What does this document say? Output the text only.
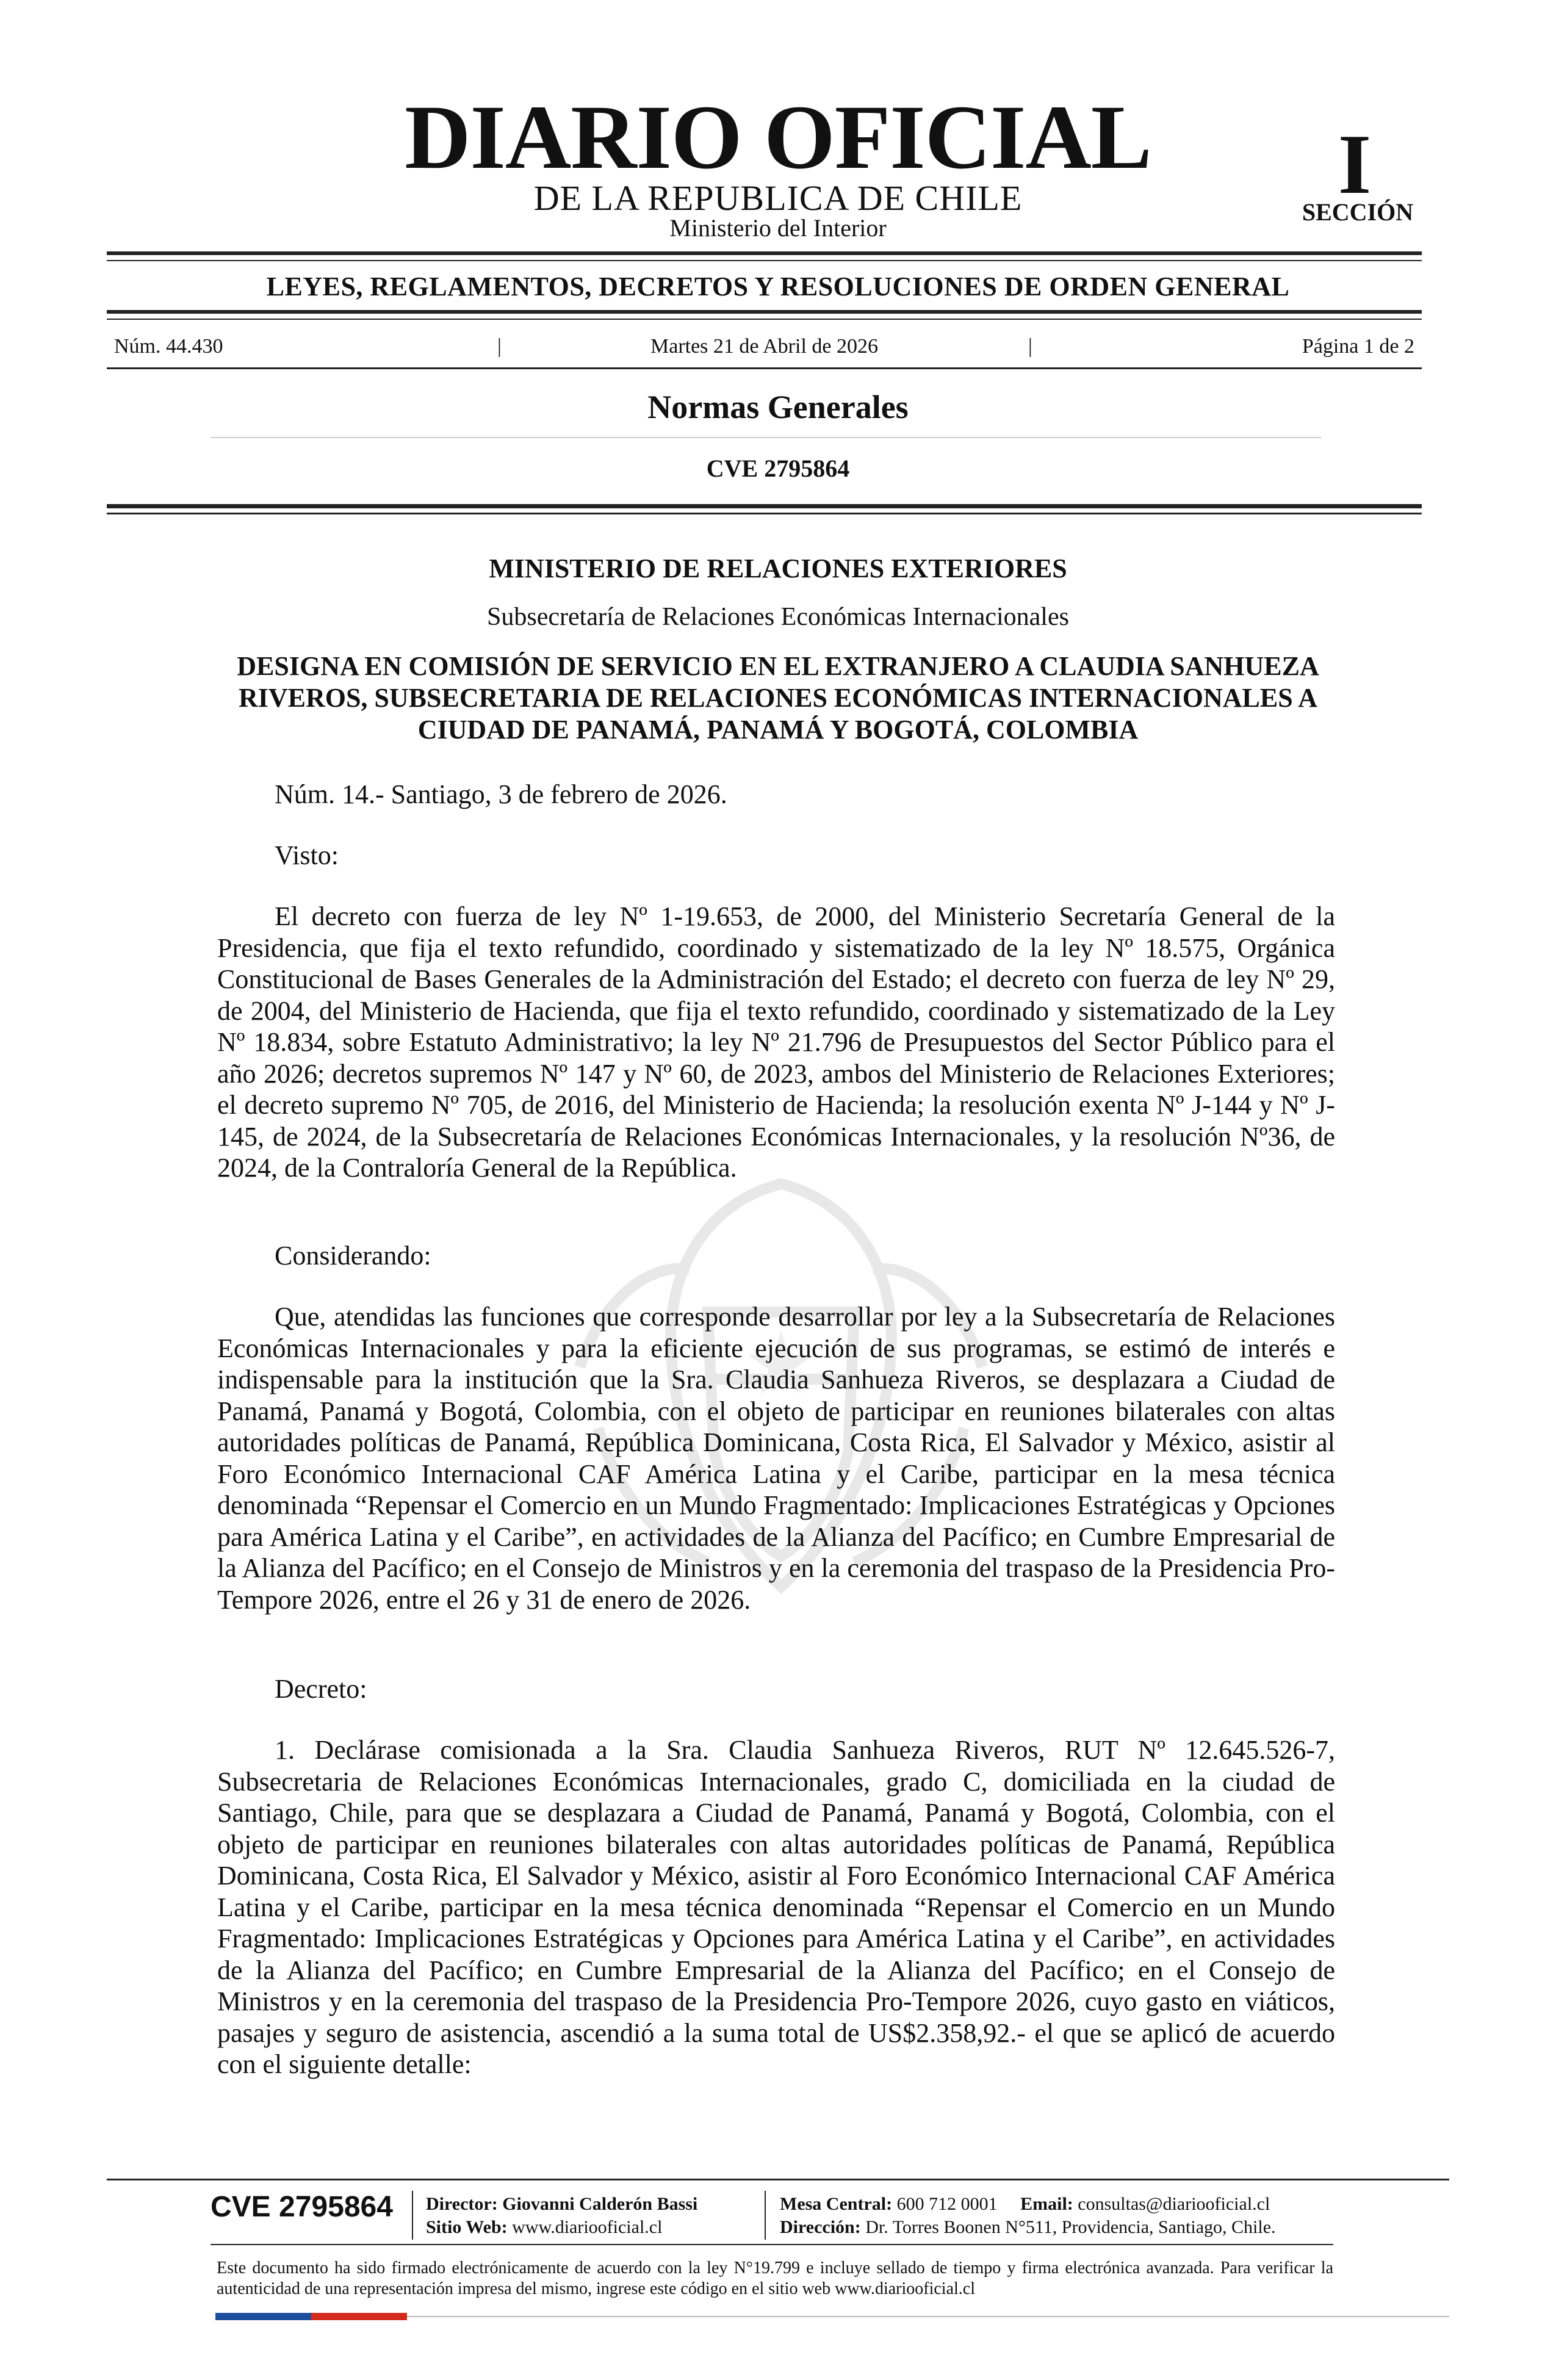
DIARIO OFICIAL
DE LA REPUBLICA DE CHILE
Ministerio del Interior
I
SECCIÓN
LEYES, REGLAMENTOS, DECRETOS Y RESOLUCIONES DE ORDEN GENERAL
Núm. 44.430	|	Martes 21 de Abril de 2026	|	Página 1 de 2
Normas Generales
CVE 2795864
MINISTERIO DE RELACIONES EXTERIORES
Subsecretaría de Relaciones Económicas Internacionales
DESIGNA EN COMISIÓN DE SERVICIO EN EL EXTRANJERO A CLAUDIA SANHUEZA RIVEROS, SUBSECRETARIA DE RELACIONES ECONÓMICAS INTERNACIONALES A CIUDAD DE PANAMÁ, PANAMÁ Y BOGOTÁ, COLOMBIA
Núm. 14.- Santiago, 3 de febrero de 2026.
Visto:
El decreto con fuerza de ley Nº 1-19.653, de 2000, del Ministerio Secretaría General de la Presidencia, que fija el texto refundido, coordinado y sistematizado de la ley Nº 18.575, Orgánica Constitucional de Bases Generales de la Administración del Estado; el decreto con fuerza de ley Nº 29, de 2004, del Ministerio de Hacienda, que fija el texto refundido, coordinado y sistematizado de la Ley Nº 18.834, sobre Estatuto Administrativo; la ley Nº 21.796 de Presupuestos del Sector Público para el año 2026; decretos supremos Nº 147 y Nº 60, de 2023, ambos del Ministerio de Relaciones Exteriores; el decreto supremo Nº 705, de 2016, del Ministerio de Hacienda; la resolución exenta Nº J-144 y Nº J-145, de 2024, de la Subsecretaría de Relaciones Económicas Internacionales, y la resolución Nº36, de 2024, de la Contraloría General de la República.
Considerando:
Que, atendidas las funciones que corresponde desarrollar por ley a la Subsecretaría de Relaciones Económicas Internacionales y para la eficiente ejecución de sus programas, se estimó de interés e indispensable para la institución que la Sra. Claudia Sanhueza Riveros, se desplazara a Ciudad de Panamá, Panamá y Bogotá, Colombia, con el objeto de participar en reuniones bilaterales con altas autoridades políticas de Panamá, República Dominicana, Costa Rica, El Salvador y México, asistir al Foro Económico Internacional CAF América Latina y el Caribe, participar en la mesa técnica denominada “Repensar el Comercio en un Mundo Fragmentado: Implicaciones Estratégicas y Opciones para América Latina y el Caribe”, en actividades de la Alianza del Pacífico; en Cumbre Empresarial de la Alianza del Pacífico; en el Consejo de Ministros y en la ceremonia del traspaso de la Presidencia Pro-Tempore 2026, entre el 26 y 31 de enero de 2026.
Decreto:
1. Declárase comisionada a la Sra. Claudia Sanhueza Riveros, RUT Nº 12.645.526-7, Subsecretaria de Relaciones Económicas Internacionales, grado C, domiciliada en la ciudad de Santiago, Chile, para que se desplazara a Ciudad de Panamá, Panamá y Bogotá, Colombia, con el objeto de participar en reuniones bilaterales con altas autoridades políticas de Panamá, República Dominicana, Costa Rica, El Salvador y México, asistir al Foro Económico Internacional CAF América Latina y el Caribe, participar en la mesa técnica denominada “Repensar el Comercio en un Mundo Fragmentado: Implicaciones Estratégicas y Opciones para América Latina y el Caribe”, en actividades de la Alianza del Pacífico; en Cumbre Empresarial de la Alianza del Pacífico; en el Consejo de Ministros y en la ceremonia del traspaso de la Presidencia Pro-Tempore 2026, cuyo gasto en viáticos, pasajes y seguro de asistencia, ascendió a la suma total de US$2.358,92.- el que se aplicó de acuerdo con el siguiente detalle:
CVE 2795864 Director: Giovanni Calderón Bassi
Sitio Web: www.diariooficial.cl
Mesa Central: 600 712 0001 Email: consultas@diariooficial.cl
Dirección: Dr. Torres Boonen N°511, Providencia, Santiago, Chile.
Este documento ha sido firmado electrónicamente de acuerdo con la ley N°19.799 e incluye sellado de tiempo y firma electrónica avanzada. Para verificar la autenticidad de una representación impresa del mismo, ingrese este código en el sitio web www.diariooficial.cl
